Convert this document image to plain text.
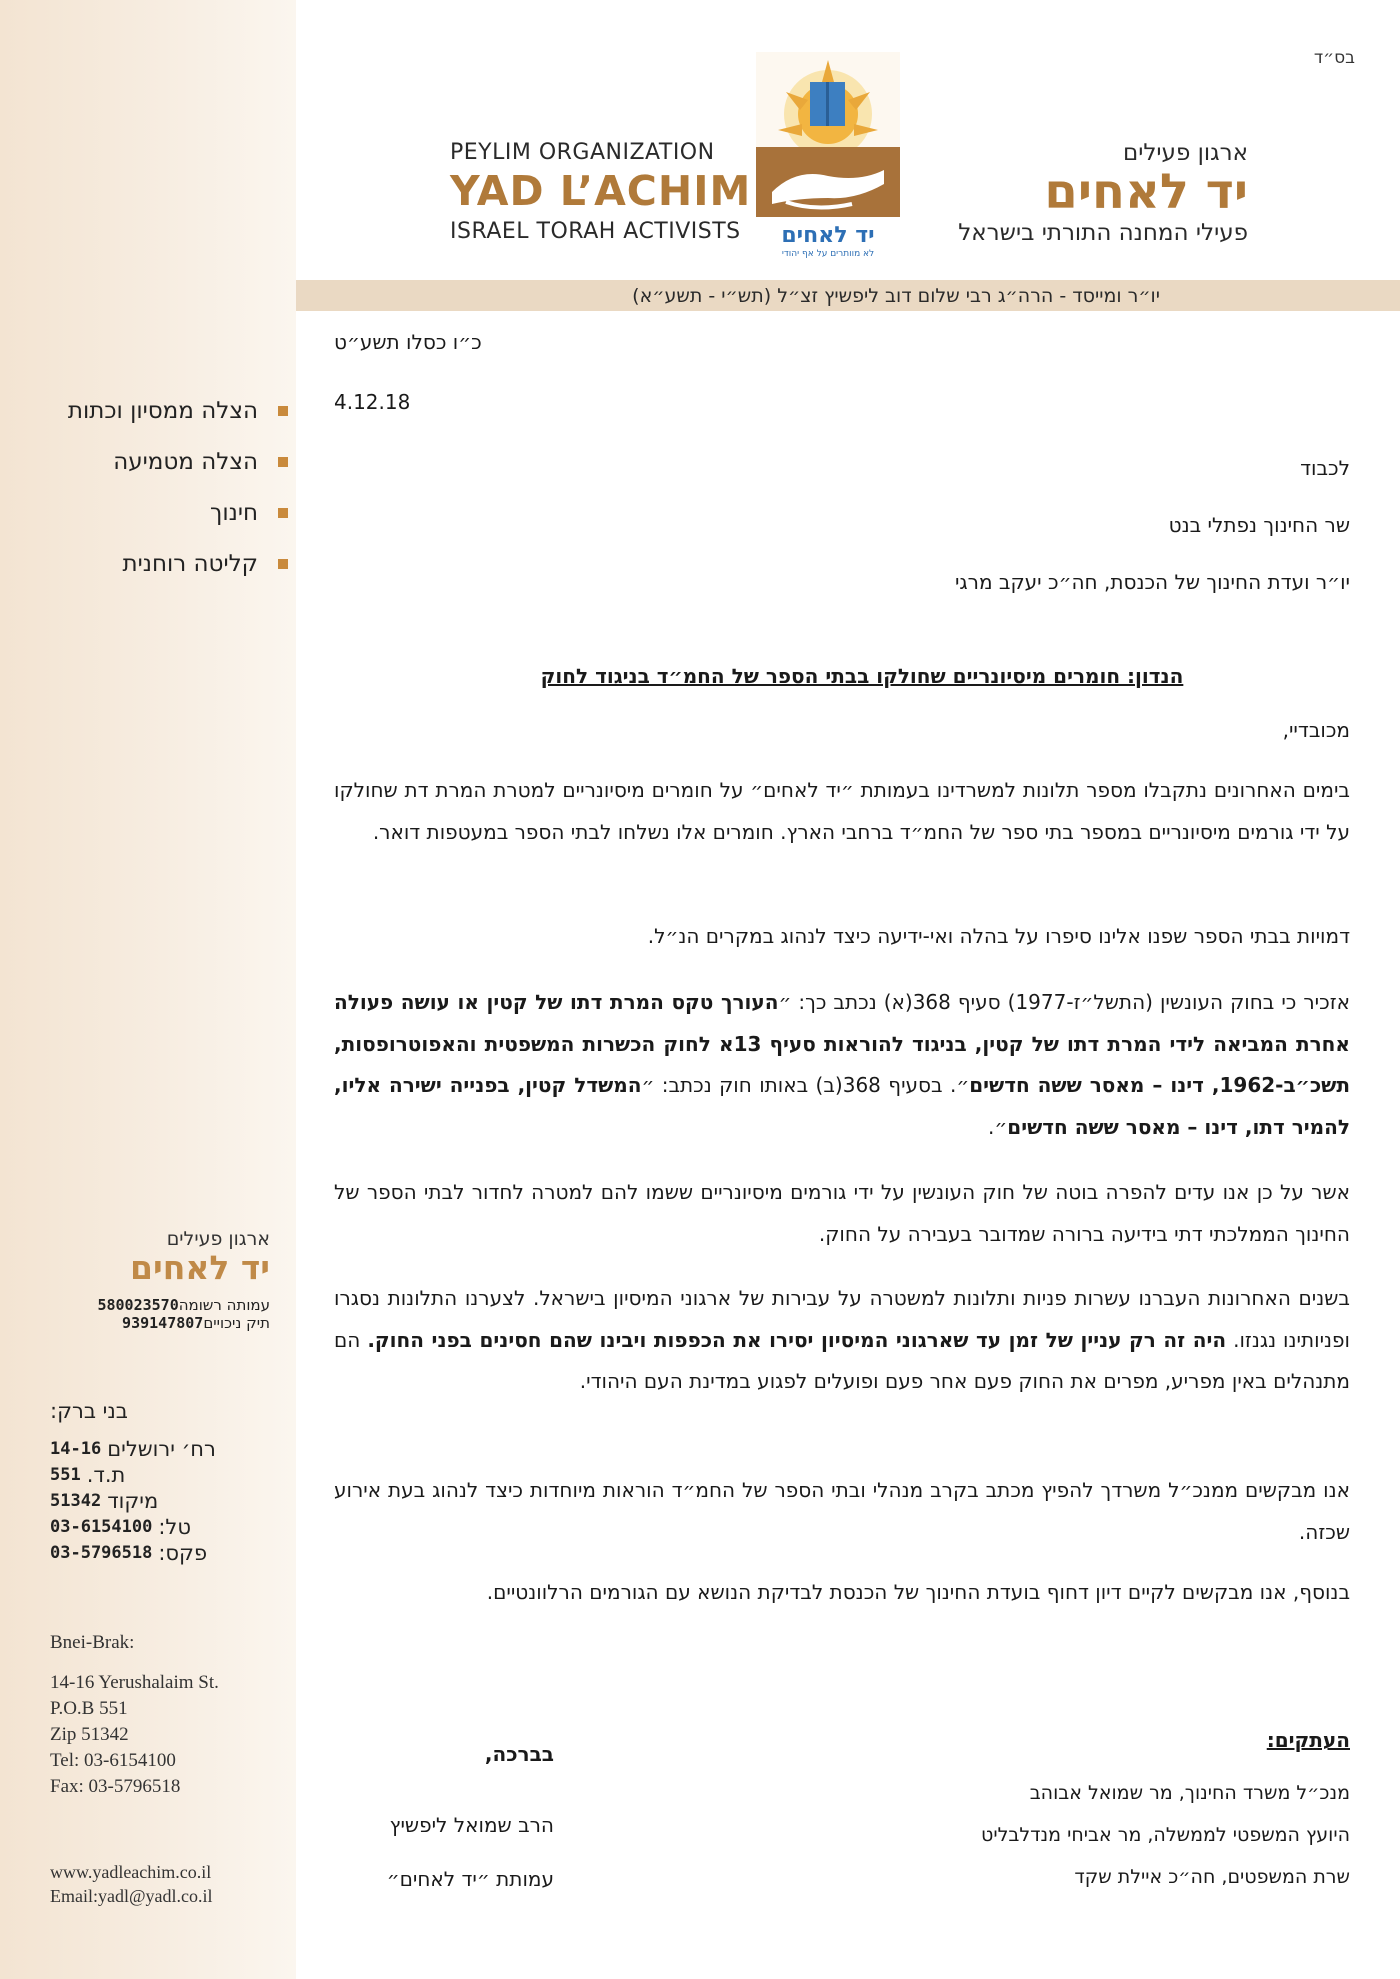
יו״ר ומייסד - הרה״ג רבי שלום דוב ליפשיץ זצ״ל (תש״י - תשע״א)
בס״ד
PEYLIM ORGANIZATION
YAD L’ACHIM
ISRAEL TORAH ACTIVISTS	יד לאחים
לא מוותרים על אף יהודי
ארגון פעילים
יד לאחים
פעילי המחנה התורתי בישראל
הצלה ממסיון וכתות
הצלה מטמיעה
חינוך
קליטה רוחנית
ארגון פעילים
יד לאחים
עמותה רשומה
580023570
תיק ניכויים
939147807
בני ברק:
רח׳ ירושלים
14-16
ת.ד.
551
מיקוד
51342
טל:
03-6154100
פקס:
03-5796518
Bnei-Brak:
14-16 Yerushalaim St.
P.O.B 551
Zip 51342
Tel: 03-6154100
Fax: 03-5796518
www.yadleachim.co.il
Email:yadl@yadl.co.il
כ״ו כסלו תשע״ט
4.12.18
לכבוד
שר החינוך נפתלי בנט
יו״ר ועדת החינוך של הכנסת, חה״כ יעקב מרגי
הנדון: חומרים מיסיונריים שחולקו בבתי הספר של החמ״ד בניגוד לחוק
מכובדיי,
בימים האחרונים נתקבלו מספר תלונות למשרדינו בעמותת ״יד לאחים״ על חומרים מיסיונריים למטרת המרת דת שחולקו על ידי גורמים מיסיונריים במספר בתי ספר של החמ״ד ברחבי הארץ. חומרים אלו נשלחו לבתי הספר במעטפות דואר.
דמויות בבתי הספר שפנו אלינו סיפרו על בהלה ואי-ידיעה כיצד לנהוג במקרים הנ״ל.
אזכיר כי בחוק העונשין (התשל״ז-1977) סעיף 368(א) נכתב כך: ״העורך טקס המרת דתו של קטין או עושה פעולה אחרת המביאה לידי המרת דתו של קטין, בניגוד להוראות סעיף 13א לחוק הכשרות המשפטית והאפוטרופסות, תשכ״ב-1962, דינו – מאסר ששה חדשים״. בסעיף 368(ב) באותו חוק נכתב: ״המשדל קטין, בפנייה ישירה אליו, להמיר דתו, דינו – מאסר ששה חדשים״.
אשר על כן אנו עדים להפרה בוטה של חוק העונשין על ידי גורמים מיסיונריים ששמו להם למטרה לחדור לבתי הספר של החינוך הממלכתי דתי בידיעה ברורה שמדובר בעבירה על החוק.
בשנים האחרונות העברנו עשרות פניות ותלונות למשטרה על עבירות של ארגוני המיסיון בישראל. לצערנו התלונות נסגרו ופניותינו נגנזו. היה זה רק עניין של זמן עד שארגוני המיסיון יסירו את הכפפות ויבינו שהם חסינים בפני החוק. הם מתנהלים באין מפריע, מפרים את החוק פעם אחר פעם ופועלים לפגוע במדינת העם היהודי.
אנו מבקשים ממנכ״ל משרדך להפיץ מכתב בקרב מנהלי ובתי הספר של החמ״ד הוראות מיוחדות כיצד לנהוג בעת אירוע שכזה.
בנוסף, אנו מבקשים לקיים דיון דחוף בועדת החינוך של הכנסת לבדיקת הנושא עם הגורמים הרלוונטיים.
העתקים:
מנכ״ל משרד החינוך, מר שמואל אבוהב
היועץ המשפטי לממשלה, מר אביחי מנדלבליט
שרת המשפטים, חה״כ איילת שקד
בברכה,
הרב שמואל ליפשיץ
עמותת ״יד לאחים״
